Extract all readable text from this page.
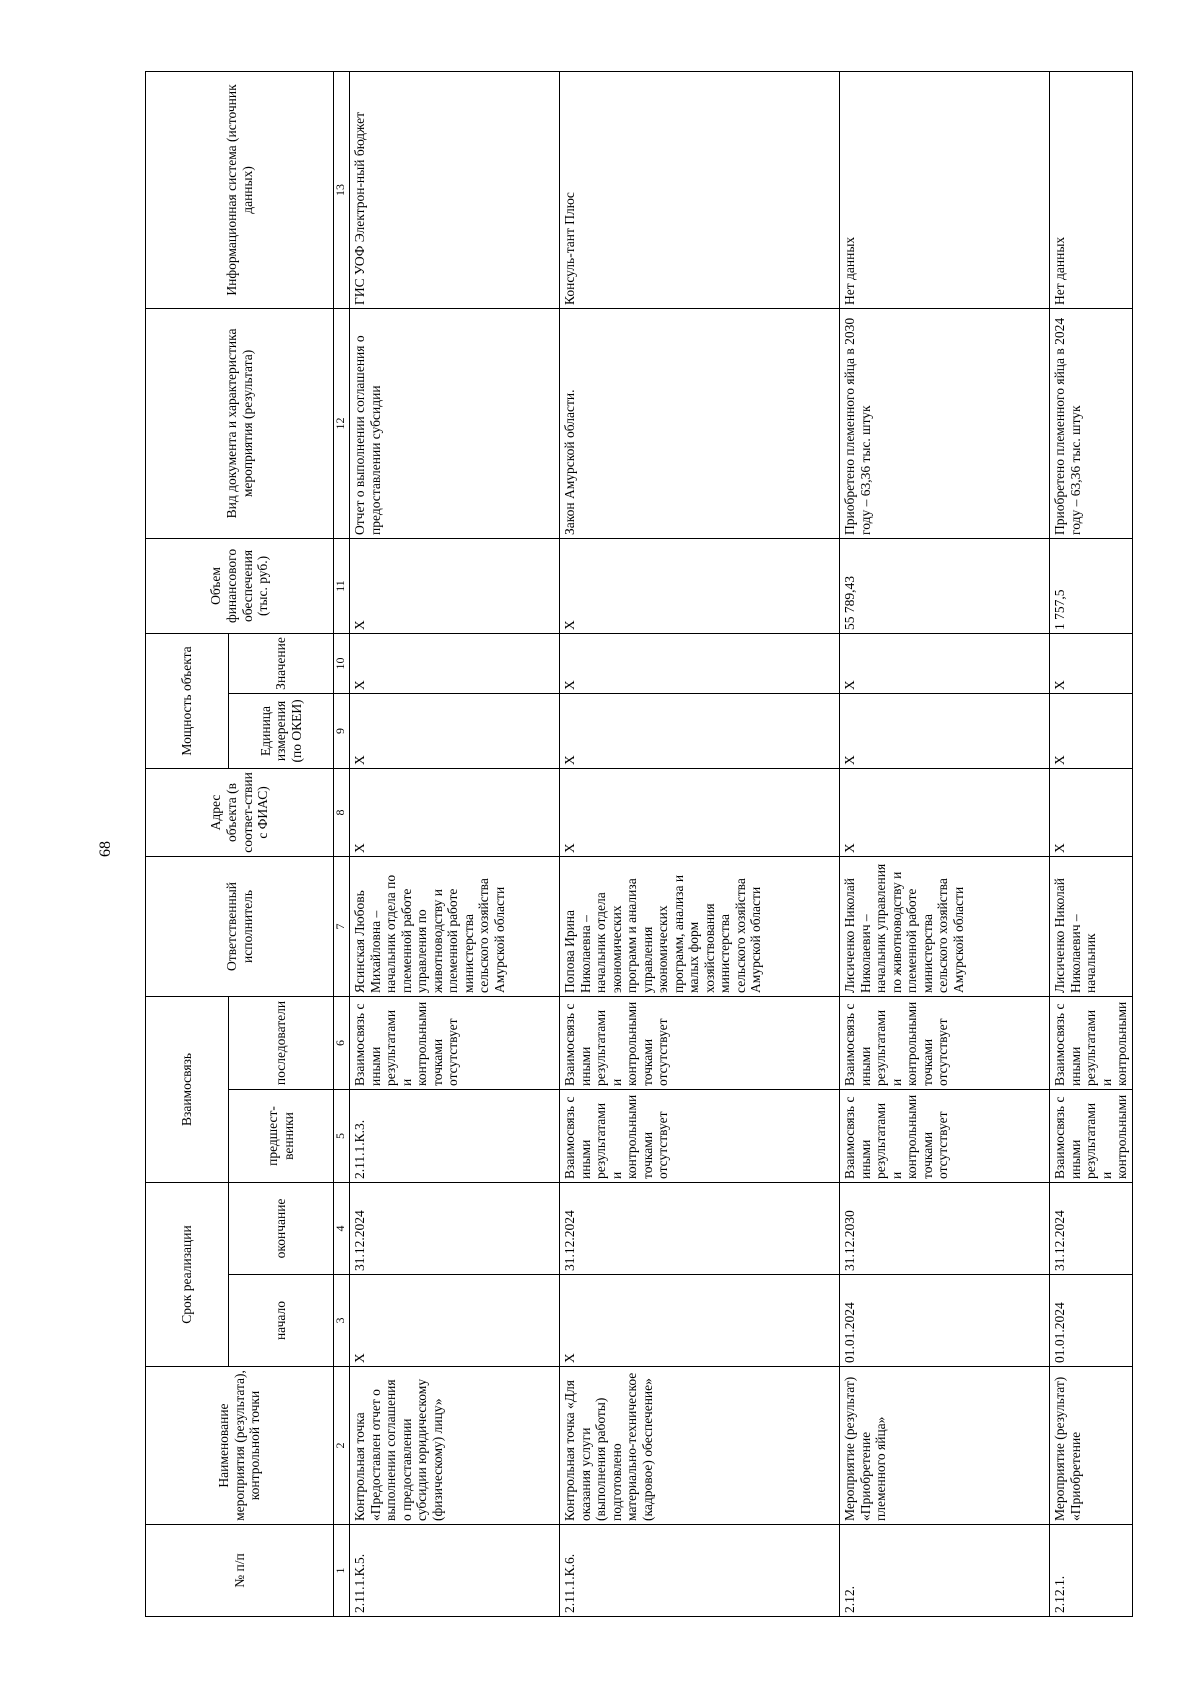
68
№ п/п	Наименование мероприятия (результата), контрольной точки	Срок реализации		Взаимосвязь		Ответственный исполнитель	Адрес объекта (в соответ-ствии с ФИАС)	Мощность объекта		Объем финансового обеспечения (тыс. руб.)	Вид документа и характеристика мероприятия (результата)	Информационная система (источник данных)
		начало	окончание	предшест-венники	последователи			Единица измерения (по ОКЕИ)	Значение			
1	2	3	4	5	6	7	8	9	10	11	12	13
2.11.1.К.5.	Контрольная точка «Предоставлен отчет о выполнении соглашения о предоставлении субсидии юридическому (физическому) лицу»	X	31.12.2024	2.11.1.К.3.	Взаимосвязь с иными результатами и контрольными точками отсутствует	Ясинская Любовь Михайловна – начальник отдела по племенной работе управления по животноводству и племенной работе министерства сельского хозяйства Амурской области	X	X	X	X	Отчет о выполнении соглашения о предоставлении субсидии	ГИС УОФ Электрон-ный бюджет
2.11.1.К.6.	Контрольная точка «Для оказания услуги (выполнения работы) подготовлено материально-техническое (кадровое) обеспечение»	X	31.12.2024	Взаимосвязь с иными результатами и контрольными точками отсутствует	Взаимосвязь с иными результатами и контрольными точками отсутствует	Попова Ирина Николаевна – начальник отдела экономических программ и анализа управления экономических программ, анализа и малых форм хозяйствования министерства сельского хозяйства Амурской области	X	X	X	X	Закон Амурской области.	Консуль-тант Плюс
2.12.	Мероприятие (результат) «Приобретение племенного яйца»	01.01.2024	31.12.2030	Взаимосвязь с иными результатами и контрольными точками отсутствует	Взаимосвязь с иными результатами и контрольными точками отсутствует	Лисиченко Николай Николаевич – начальник управления по животноводству и племенной работе министерства сельского хозяйства Амурской области	X	X	X	55 789,43	Приобретено племенного яйца в 2030 году – 63,36 тыс. штук	Нет данных
2.12.1.	Мероприятие (результат) «Приобретение	01.01.2024	31.12.2024	Взаимосвязь с иными результатами и контрольными	Взаимосвязь с иными результатами и контрольными	Лисиченко Николай Николаевич – начальник	X	X	X	1 757,5	Приобретено племенного яйца в 2024 году – 63,36 тыс. штук	Нет данных
